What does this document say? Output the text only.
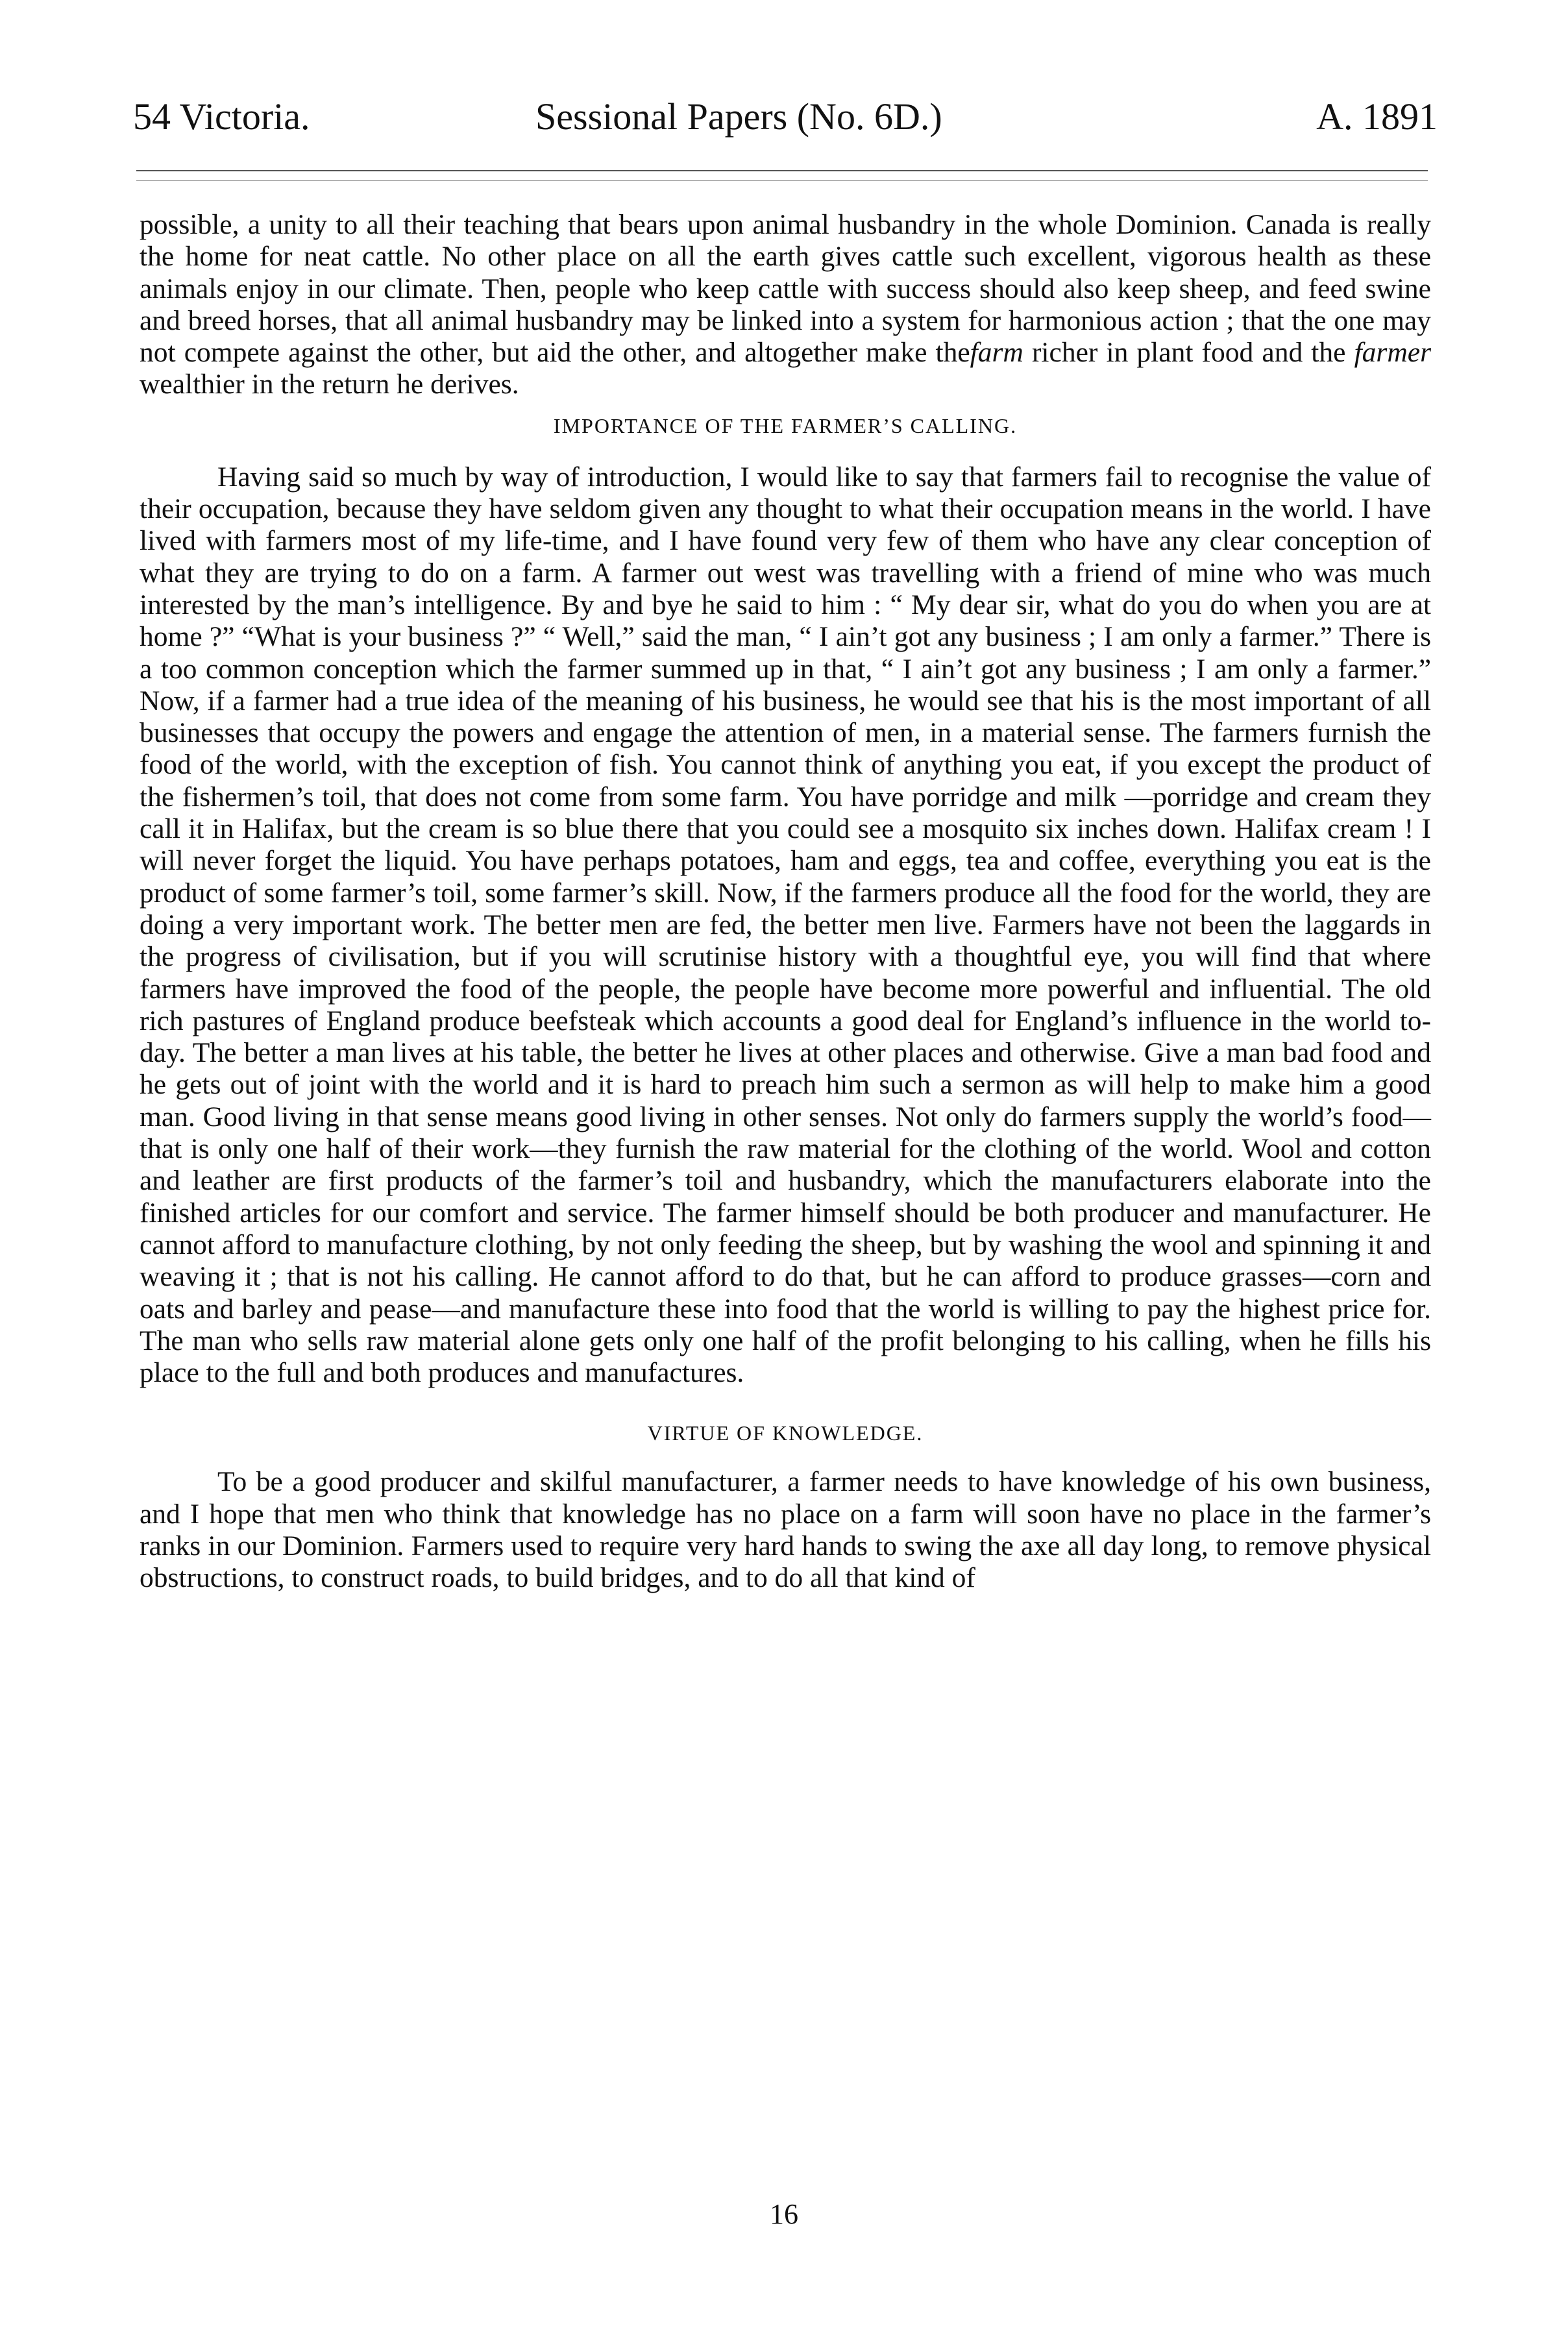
54 Victoria.	Sessional Papers (No. 6D.)	A. 1891

possible, a unity to all their teaching that bears upon animal husbandry in the whole Dominion. Canada is really the home for neat cattle. No other place on all the earth gives cattle such excellent, vigorous health as these animals enjoy in our climate. Then, people who keep cattle with success should also keep sheep, and feed swine and breed horses, that all animal husbandry may be linked into a system for harmonious action ; that the one may not compete against the other, but aid the other, and altogether make thefarm richer in plant food and the farmer wealthier in the return he derives.

IMPORTANCE OF THE FARMER’S CALLING.

Having said so much by way of introduction, I would like to say that farmers fail to recognise the value of their occupation, because they have seldom given any thought to what their occupation means in the world. I have lived with farmers most of my life-time, and I have found very few of them who have any clear conception of what they are trying to do on a farm. A farmer out west was travelling with a friend of mine who was much interested by the man’s intelligence. By and bye he said to him : “ My dear sir, what do you do when you are at home ?” “What is your business ?” “ Well,” said the man, “ I ain’t got any business ; I am only a farmer.” There is a too common conception which the farmer summed up in that, “ I ain’t got any business ; I am only a farmer.” Now, if a farmer had a true idea of the meaning of his business, he would see that his is the most important of all businesses that occupy the powers and engage the attention of men, in a material sense. The farmers furnish the food of the world, with the exception of fish. You cannot think of anything you eat, if you except the product of the fishermen’s toil, that does not come from some farm. You have porridge and milk —porridge and cream they call it in Halifax, but the cream is so blue there that you could see a mosquito six inches down. Halifax cream ! I will never forget the liquid. You have perhaps potatoes, ham and eggs, tea and coffee, everything you eat is the product of some farmer’s toil, some farmer’s skill. Now, if the farmers produce all the food for the world, they are doing a very important work. The better men are fed, the better men live. Farmers have not been the laggards in the progress of civilisation, but if you will scrutinise history with a thoughtful eye, you will find that where farmers have improved the food of the people, the people have become more powerful and influential. The old rich pastures of England produce beefsteak which accounts a good deal for England’s influence in the world to-day. The better a man lives at his table, the better he lives at other places and otherwise. Give a man bad food and he gets out of joint with the world and it is hard to preach him such a sermon as will help to make him a good man. Good living in that sense means good living in other senses. Not only do farmers supply the world’s food—that is only one half of their work—they furnish the raw material for the clothing of the world. Wool and cotton and leather are first products of the farmer’s toil and husbandry, which the manufacturers elaborate into the finished articles for our comfort and service. The farmer himself should be both producer and manufacturer. He cannot afford to manufacture clothing, by not only feeding the sheep, but by washing the wool and spinning it and weaving it ; that is not his calling. He cannot afford to do that, but he can afford to produce grasses—corn and oats and barley and pease—and manufacture these into food that the world is willing to pay the highest price for. The man who sells raw material alone gets only one half of the profit belonging to his calling, when he fills his place to the full and both produces and manufactures.

VIRTUE OF KNOWLEDGE.

To be a good producer and skilful manufacturer, a farmer needs to have knowledge of his own business, and I hope that men who think that knowledge has no place on a farm will soon have no place in the farmer’s ranks in our Dominion. Farmers used to require very hard hands to swing the axe all day long, to remove physical obstructions, to construct roads, to build bridges, and to do all that kind of

16
